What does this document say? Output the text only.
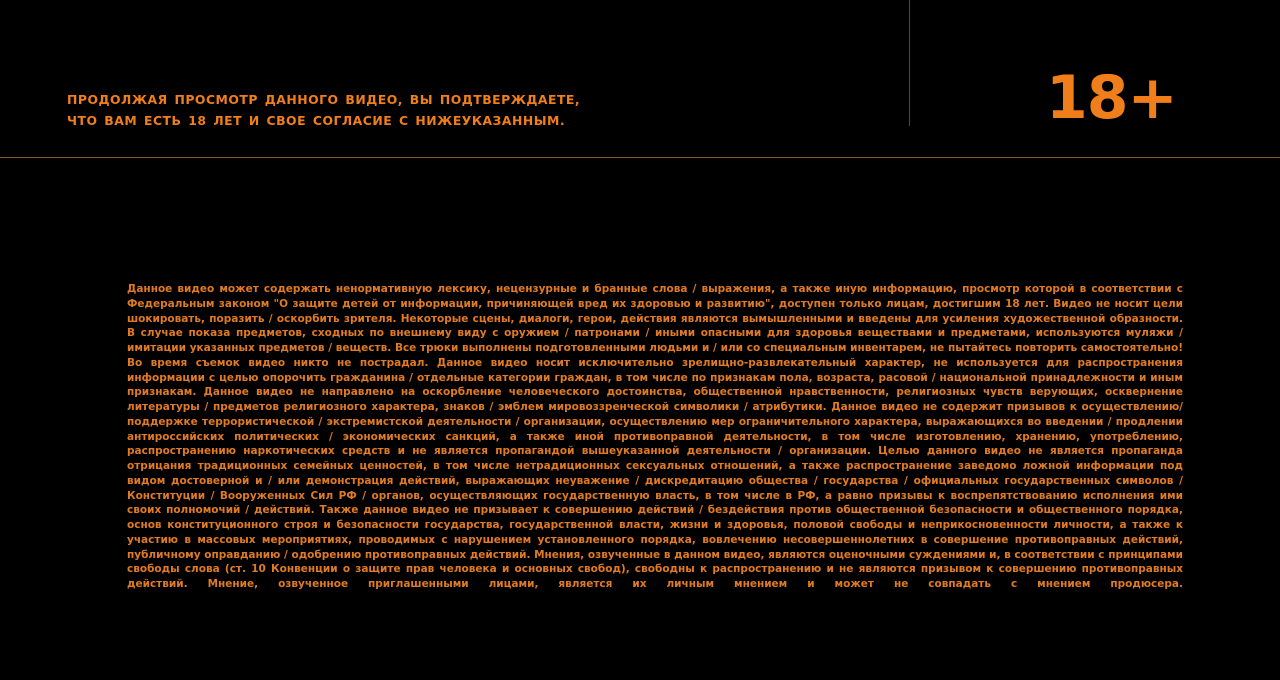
ПРОДОЛЖАЯ ПРОСМОТР ДАННОГО ВИДЕО, ВЫ ПОДТВЕРЖДАЕТЕ,
ЧТО ВАМ ЕСТЬ 18 ЛЕТ И СВОЕ СОГЛАСИЕ С НИЖЕУКАЗАННЫМ.	18+
Данное видео может содержать ненормативную лексику, нецензурные и бранные слова / выражения, а также иную информацию, просмотр которой в соответствии с Федеральным законом "О защите детей от информации, причиняющей вред их здоровью и развитию", доступен только лицам, достигшим 18 лет. Видео не носит цели шокировать, поразить / оскорбить зрителя. Некоторые сцены, диалоги, герои, действия являются вымышленными и введены для усиления художественной образности. В случае показа предметов, сходных по внешнему виду с оружием / патронами / иными опасными для здоровья веществами и предметами, используются муляжи / имитации указанных предметов / веществ. Все трюки выполнены подготовленными людьми и / или со специальным инвентарем, не пытайтесь повторить самостоятельно! Во время съемок видео никто не пострадал. Данное видео носит исключительно зрелищно-развлекательный характер, не используется для распространения информации с целью опорочить гражданина / отдельные категории граждан, в том числе по признакам пола, возраста, расовой / национальной принадлежности и иным признакам. Данное видео не направлено на оскорбление человеческого достоинства, общественной нравственности, религиозных чувств верующих, осквернение литературы / предметов религиозного характера, знаков / эмблем мировоззренческой символики / атрибутики. Данное видео не содержит призывов к осуществлению/ поддержке террористической / экстремистской деятельности / организации, осуществлению мер ограничительного характера, выражающихся во введении / продлении антироссийских политических / экономических санкций, а также иной противоправной деятельности, в том числе изготовлению, хранению, употреблению, распространению наркотических средств и не является пропагандой вышеуказанной деятельности / организации. Целью данного видео не является пропаганда отрицания традиционных семейных ценностей, в том числе нетрадиционных сексуальных отношений, а также распространение заведомо ложной информации под видом достоверной и / или демонстрация действий, выражающих неуважение / дискредитацию общества / государства / официальных государственных символов / Конституции / Вооруженных Сил РФ / органов, осуществляющих государственную власть, в том числе в РФ, а равно призывы к воспрепятствованию исполнения ими своих полномочий / действий. Также данное видео не призывает к совершению действий / бездействия против общественной безопасности и общественного порядка, основ конституционного строя и безопасности государства, государственной власти, жизни и здоровья, половой свободы и неприкосновенности личности, а также к участию в массовых мероприятиях, проводимых с нарушением установленного порядка, вовлечению несовершеннолетних в совершение противоправных действий, публичному оправданию / одобрению противоправных действий. Мнения, озвученные в данном видео, являются оценочными суждениями и, в соответствии с принципами свободы слова (ст. 10 Конвенции о защите прав человека и основных свобод), свободны к распространению и не являются призывом к совершению противоправных действий. Мнение, озвученное приглашенными лицами, является их личным мнением и может не совпадать с мнением продюсера.
